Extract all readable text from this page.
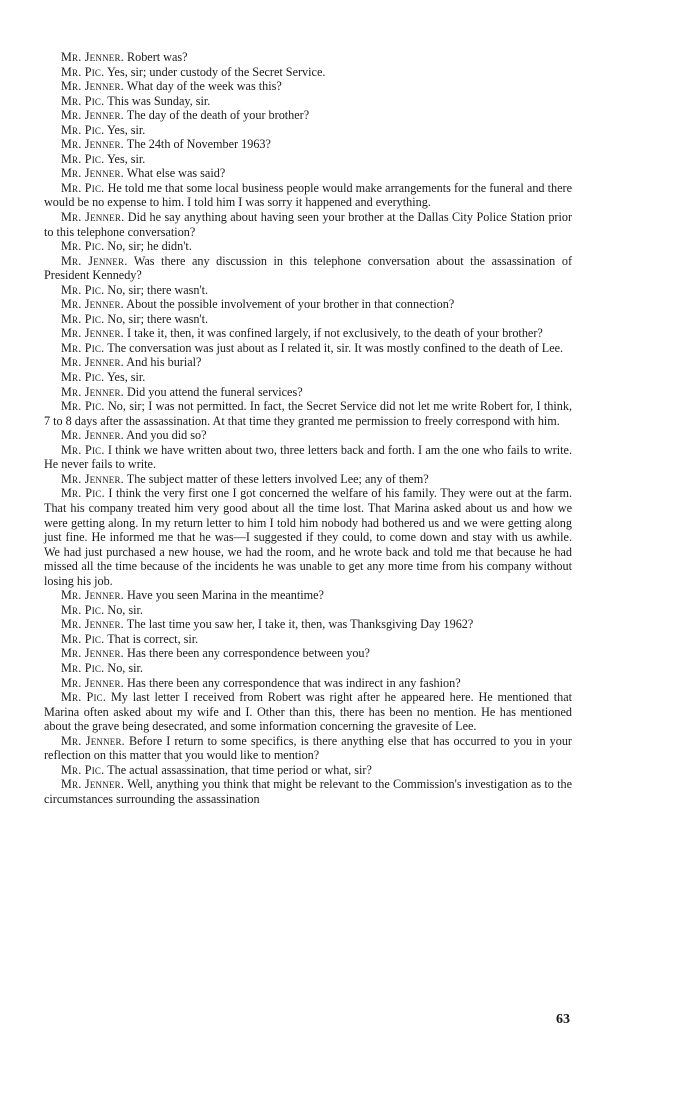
Mr. Jenner. Robert was?

Mr. Pic. Yes, sir; under custody of the Secret Service.

Mr. Jenner. What day of the week was this?

Mr. Pic. This was Sunday, sir.

Mr. Jenner. The day of the death of your brother?

Mr. Pic. Yes, sir.

Mr. Jenner. The 24th of November 1963?

Mr. Pic. Yes, sir.

Mr. Jenner. What else was said?

Mr. Pic. He told me that some local business people would make arrangements for the funeral and there would be no expense to him. I told him I was sorry it happened and everything.

Mr. Jenner. Did he say anything about having seen your brother at the Dallas City Police Station prior to this telephone conversation?

Mr. Pic. No, sir; he didn't.

Mr. Jenner. Was there any discussion in this telephone conversation about the assassination of President Kennedy?

Mr. Pic. No, sir; there wasn't.

Mr. Jenner. About the possible involvement of your brother in that connection?

Mr. Pic. No, sir; there wasn't.

Mr. Jenner. I take it, then, it was confined largely, if not exclusively, to the death of your brother?

Mr. Pic. The conversation was just about as I related it, sir. It was mostly confined to the death of Lee.

Mr. Jenner. And his burial?

Mr. Pic. Yes, sir.

Mr. Jenner. Did you attend the funeral services?

Mr. Pic. No, sir; I was not permitted. In fact, the Secret Service did not let me write Robert for, I think, 7 to 8 days after the assassination. At that time they granted me permission to freely correspond with him.

Mr. Jenner. And you did so?

Mr. Pic. I think we have written about two, three letters back and forth. I am the one who fails to write. He never fails to write.

Mr. Jenner. The subject matter of these letters involved Lee; any of them?

Mr. Pic. I think the very first one I got concerned the welfare of his family. They were out at the farm. That his company treated him very good about all the time lost. That Marina asked about us and how we were getting along. In my return letter to him I told him nobody had bothered us and we were getting along just fine. He informed me that he was—I suggested if they could, to come down and stay with us awhile. We had just purchased a new house, we had the room, and he wrote back and told me that because he had missed all the time because of the incidents he was unable to get any more time from his company without losing his job.

Mr. Jenner. Have you seen Marina in the meantime?

Mr. Pic. No, sir.

Mr. Jenner. The last time you saw her, I take it, then, was Thanksgiving Day 1962?

Mr. Pic. That is correct, sir.

Mr. Jenner. Has there been any correspondence between you?

Mr. Pic. No, sir.

Mr. Jenner. Has there been any correspondence that was indirect in any fashion?

Mr. Pic. My last letter I received from Robert was right after he appeared here. He mentioned that Marina often asked about my wife and I. Other than this, there has been no mention. He has mentioned about the grave being desecrated, and some information concerning the gravesite of Lee.

Mr. Jenner. Before I return to some specifics, is there anything else that has occurred to you in your reflection on this matter that you would like to mention?

Mr. Pic. The actual assassination, that time period or what, sir?

Mr. Jenner. Well, anything you think that might be relevant to the Commission's investigation as to the circumstances surrounding the assassination

63
